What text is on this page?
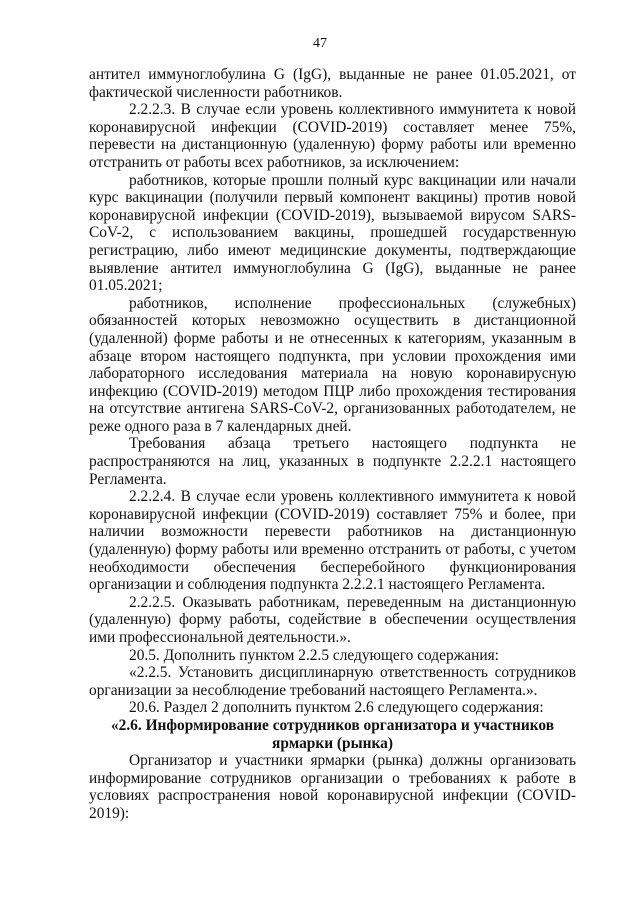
47

антител иммуноглобулина G (IgG), выданные не ранее 01.05.2021, от фактической численности работников.

2.2.2.3. В случае если уровень коллективного иммунитета к новой коронавирусной инфекции (COVID-2019) составляет менее 75%, перевести на дистанционную (удаленную) форму работы или временно отстранить от работы всех работников, за исключением:

работников, которые прошли полный курс вакцинации или начали курс вакцинации (получили первый компонент вакцины) против новой коронавирусной инфекции (COVID-2019), вызываемой вирусом SARS-CoV-2, с использованием вакцины, прошедшей государственную регистрацию, либо имеют медицинские документы, подтверждающие выявление антител иммуноглобулина G (IgG), выданные не ранее 01.05.2021;

работников, исполнение профессиональных (служебных) обязанностей которых невозможно осуществить в дистанционной (удаленной) форме работы и не отнесенных к категориям, указанным в абзаце втором настоящего подпункта, при условии прохождения ими лабораторного исследования материала на новую коронавирусную инфекцию (COVID-2019) методом ПЦР либо прохождения тестирования на отсутствие антигена SARS-CoV-2, организованных работодателем, не реже одного раза в 7 календарных дней.

Требования абзаца третьего настоящего подпункта не распространяются на лиц, указанных в подпункте 2.2.2.1 настоящего Регламента.

2.2.2.4. В случае если уровень коллективного иммунитета к новой коронавирусной инфекции (COVID-2019) составляет 75% и более, при наличии возможности перевести работников на дистанционную (удаленную) форму работы или временно отстранить от работы, с учетом необходимости обеспечения бесперебойного функционирования организации и соблюдения подпункта 2.2.2.1 настоящего Регламента.

2.2.2.5. Оказывать работникам, переведенным на дистанционную (удаленную) форму работы, содействие в обеспечении осуществления ими профессиональной деятельности.».

20.5. Дополнить пунктом 2.2.5 следующего содержания:

«2.2.5. Установить дисциплинарную ответственность сотрудников организации за несоблюдение требований настоящего Регламента.».

20.6. Раздел 2 дополнить пунктом 2.6 следующего содержания:

«2.6. Информирование сотрудников организатора и участников ярмарки (рынка)

Организатор и участники ярмарки (рынка) должны организовать информирование сотрудников организации о требованиях к работе в условиях распространения новой коронавирусной инфекции (COVID-2019):
